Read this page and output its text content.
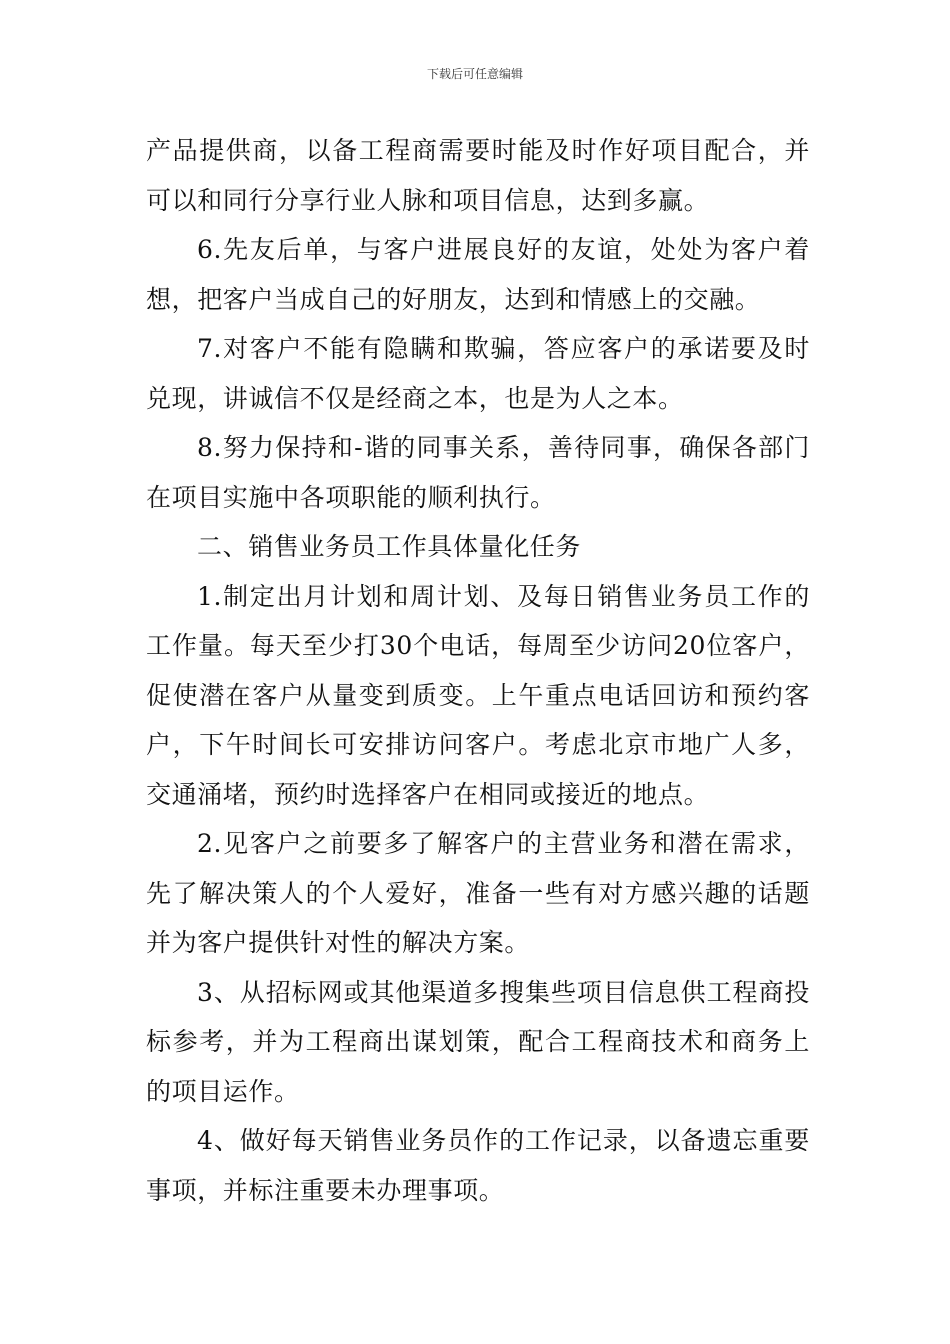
下载后可任意编辑

产品提供商，以备工程商需要时能及时作好项目配合，并可以和同行分享行业人脉和项目信息，达到多赢。

6.先友后单，与客户进展良好的友谊，处处为客户着想，把客户当成自己的好朋友，达到和情感上的交融。

7.对客户不能有隐瞒和欺骗，答应客户的承诺要及时兑现，讲诚信不仅是经商之本，也是为人之本。

8.努力保持和-谐的同事关系，善待同事，确保各部门在项目实施中各项职能的顺利执行。

二、销售业务员工作具体量化任务

1.制定出月计划和周计划、及每日销售业务员工作的工作量。每天至少打30个电话，每周至少访问20位客户，促使潜在客户从量变到质变。上午重点电话回访和预约客户，下午时间长可安排访问客户。考虑北京市地广人多，交通涌堵，预约时选择客户在相同或接近的地点。

2.见客户之前要多了解客户的主营业务和潜在需求，先了解决策人的个人爱好，准备一些有对方感兴趣的话题并为客户提供针对性的解决方案。

3、从招标网或其他渠道多搜集些项目信息供工程商投标参考，并为工程商出谋划策，配合工程商技术和商务上的项目运作。

4、做好每天销售业务员作的工作记录，以备遗忘重要事项，并标注重要未办理事项。
